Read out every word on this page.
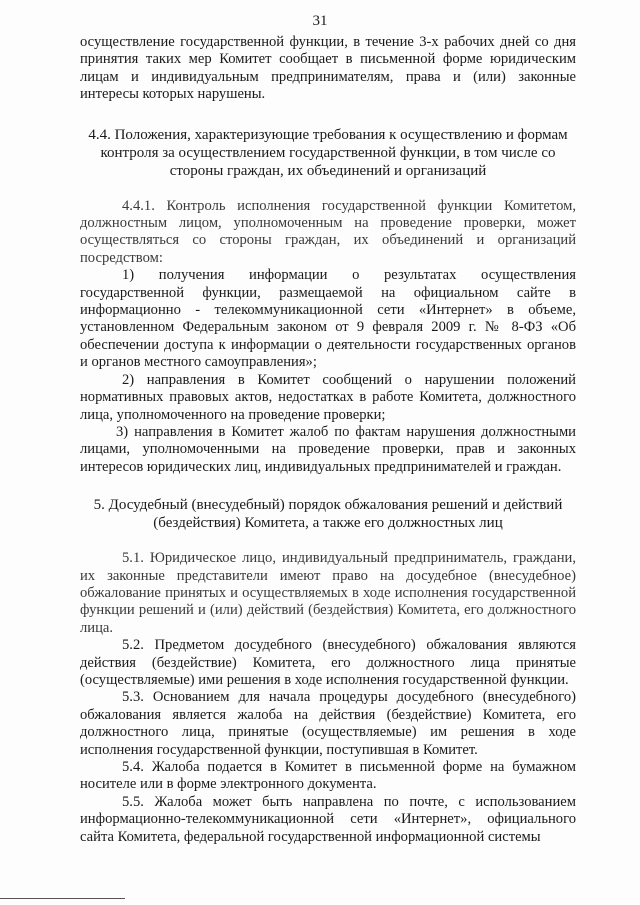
31

осуществление государственной функции, в течение 3-х рабочих дней со дня принятия таких мер Комитет сообщает в письменной форме юридическим лицам и индивидуальным предпринимателям, права и (или) законные интересы которых нарушены.

4.4. Положения, характеризующие требования к осуществлению и формам контроля за осуществлением государственной функции, в том числе со стороны граждан, их объединений и организаций

4.4.1. Контроль исполнения государственной функции Комитетом, должностным лицом, уполномоченным на проведение проверки, может осуществляться со стороны граждан, их объединений и организаций посредством:

1) получения информации о результатах осуществления государственной функции, размещаемой на официальном сайте в информационно - телекоммуникационной сети «Интернет» в объеме, установленном Федеральным законом от 9 февраля 2009 г. № 8-ФЗ «Об обеспечении доступа к информации о деятельности государственных органов и органов местного самоуправления»;

2) направления в Комитет сообщений о нарушении положений нормативных правовых актов, недостатках в работе Комитета, должностного лица, уполномоченного на проведение проверки;

3) направления в Комитет жалоб по фактам нарушения должностными лицами, уполномоченными на проведение проверки, прав и законных интересов юридических лиц, индивидуальных предпринимателей и граждан.

5. Досудебный (внесудебный) порядок обжалования решений и действий (бездействия) Комитета, а также его должностных лиц

5.1. Юридическое лицо, индивидуальный предприниматель, граждани, их законные представители имеют право на досудебное (внесудебное) обжалование принятых и осуществляемых в ходе исполнения государственной функции решений и (или) действий (бездействия) Комитета, его должностного лица.

5.2. Предметом досудебного (внесудебного) обжалования являются действия (бездействие) Комитета, его должностного лица принятые (осуществляемые) ими решения в ходе исполнения государственной функции.

5.3. Основанием для начала процедуры досудебного (внесудебного) обжалования является жалоба на действия (бездействие) Комитета, его должностного лица, принятые (осуществляемые) им решения в ходе исполнения государственной функции, поступившая в Комитет.

5.4. Жалоба подается в Комитет в письменной форме на бумажном носителе или в форме электронного документа.

5.5. Жалоба может быть направлена по почте, с использованием информационно-телекоммуникационной сети «Интернет», официального сайта Комитета, федеральной государственной информационной системы
